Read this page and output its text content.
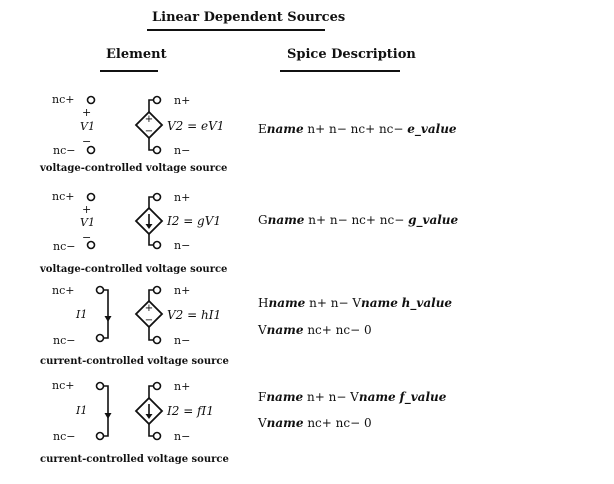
Linear Dependent Sources
Element	Spice Description
nc+
nc−
+
−
V1
+
−
n+
n−
V2 = eV1
voltage-controlled voltage source
Ename n+ n− nc+ nc− e_value
nc+
nc−
+
−
V1
n+
n−
I2 = gV1
voltage-controlled voltage source
Gname n+ n− nc+ nc− g_value
nc+
nc−
I1	+
−
n+
n−
V2 = hI1
current-controlled voltage source
Hname n+ n− Vname h_value
Vname nc+ nc− 0
nc+
nc−
I1
n+
n−
I2 = fI1
current-controlled voltage source
Fname n+ n− Vname f_value
Vname nc+ nc− 0
